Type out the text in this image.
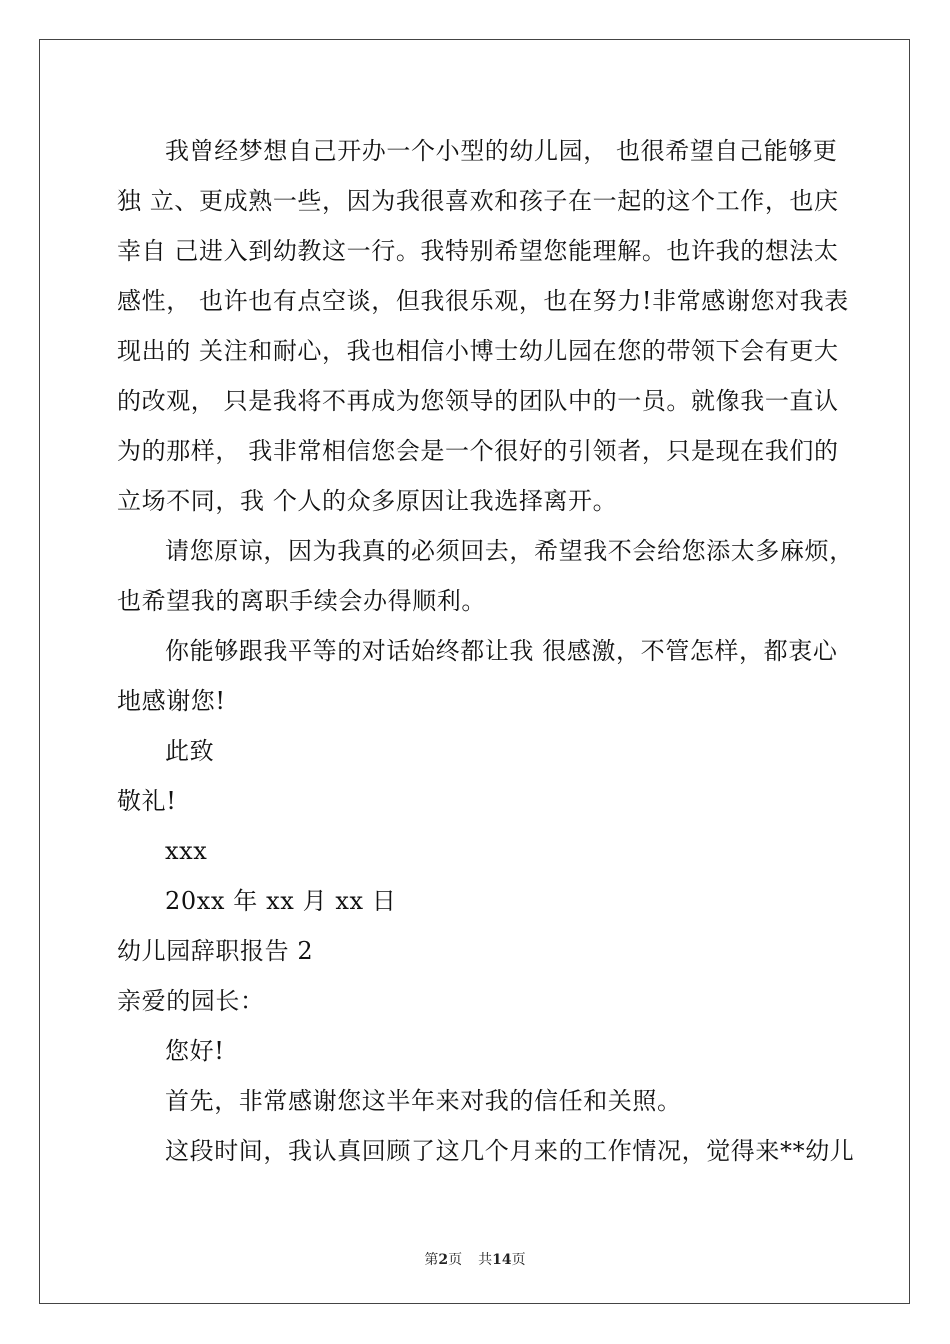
我曾经梦想自己开办一个小型的幼儿园， 也很希望自己能够更
独 立、更成熟一些，因为我很喜欢和孩子在一起的这个工作，也庆
幸自 己进入到幼教这一行。我特别希望您能理解。也许我的想法太
感性， 也许也有点空谈，但我很乐观，也在努力!非常感谢您对我表
现出的 关注和耐心，我也相信小博士幼儿园在您的带领下会有更大
的改观， 只是我将不再成为您领导的团队中的一员。就像我一直认
为的那样， 我非常相信您会是一个很好的引领者，只是现在我们的
立场不同，我 个人的众多原因让我选择离开。
请您原谅，因为我真的必须回去，希望我不会给您添太多麻烦，
也希望我的离职手续会办得顺利。
你能够跟我平等的对话始终都让我 很感激，不管怎样，都衷心
地感谢您!
此致
敬礼!
xxx
20xx 年 xx 月 xx 日
幼儿园辞职报告 2
亲爱的园长：
您好!
首先，非常感谢您这半年来对我的信任和关照。
这段时间，我认真回顾了这几个月来的工作情况，觉得来**幼儿
第2页 共14页
